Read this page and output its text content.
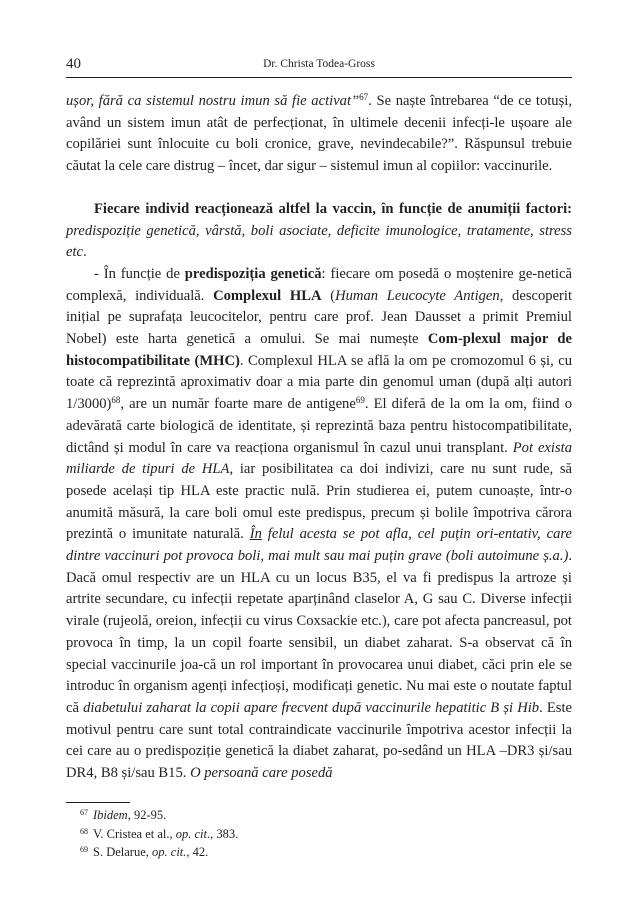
40	Dr. Christa Todea-Gross

ușor, fără ca sistemul nostru imun să fie activat”$^{67}$. Se naște întrebarea “de ce totuși, având un sistem imun atât de perfecționat, în ultimele decenii infecți-le ușoare ale copilăriei sunt înlocuite cu boli cronice, grave, nevindecabile?”. Răspunsul trebuie căutat la cele care distrug – încet, dar sigur – sistemul imun al copiilor: vaccinurile.

Fiecare individ reacționează altfel la vaccin, în funcție de anumiții factori: predispoziție genetică, vârstă, boli asociate, deficite imunologice, tratamente, stress etc.

- În funcție de predispoziția genetică: fiecare om posedă o moștenire ge-netică complexă, individuală. Complexul HLA (Human Leucocyte Antigen, descoperit inițial pe suprafața leucocitelor, pentru care prof. Jean Dausset a primit Premiul Nobel) este harta genetică a omului. Se mai numește Com-plexul major de histocompatibilitate (MHC). Complexul HLA se află la om pe cromozomul 6 și, cu toate că reprezintă aproximativ doar a mia parte din genomul uman (după alți autori 1/3000)$^{68}$, are un număr foarte mare de antigene$^{69}$. El diferă de la om la om, fiind o adevărată carte biologică de identitate, și reprezintă baza pentru histocompatibilitate, dictând și modul în care va reacționa organismul în cazul unui transplant. Pot exista miliarde de tipuri de HLA, iar posibilitatea ca doi indivizi, care nu sunt rude, să posede același tip HLA este practic nulă. Prin studierea ei, putem cunoaște, într-o anumită măsură, la care boli omul este predispus, precum și bolile împotriva cărora prezintă o imunitate naturală. În felul acesta se pot afla, cel puțin ori-entativ, care dintre vaccinuri pot provoca boli, mai mult sau mai puțin grave (boli autoimune ș.a.). Dacă omul respectiv are un HLA cu un locus B35, el va fi predispus la artroze și artrite secundare, cu infecții repetate aparținând claselor A, G sau C. Diverse infecții virale (rujeolă, oreion, infecții cu virus Coxsackie etc.), care pot afecta pancreasul, pot provoca în timp, la un copil foarte sensibil, un diabet zaharat. S-a observat că în special vaccinurile joa-că un rol important în provocarea unui diabet, căci prin ele se introduc în organism agenți infecțioși, modificați genetic. Nu mai este o noutate faptul că diabetului zaharat la copii apare frecvent după vaccinurile hepatitic B și Hib. Este motivul pentru care sunt total contraindicate vaccinurile împotriva acestor infecții la cei care au o predispoziție genetică la diabet zaharat, po-sedând un HLA –DR3 și/sau DR4, B8 și/sau B15. O persoană care posedă

$^{67}$ Ibidem, 92-95.

$^{68}$ V. Cristea et al., op. cit., 383.

$^{69}$ S. Delarue, op. cit., 42.
